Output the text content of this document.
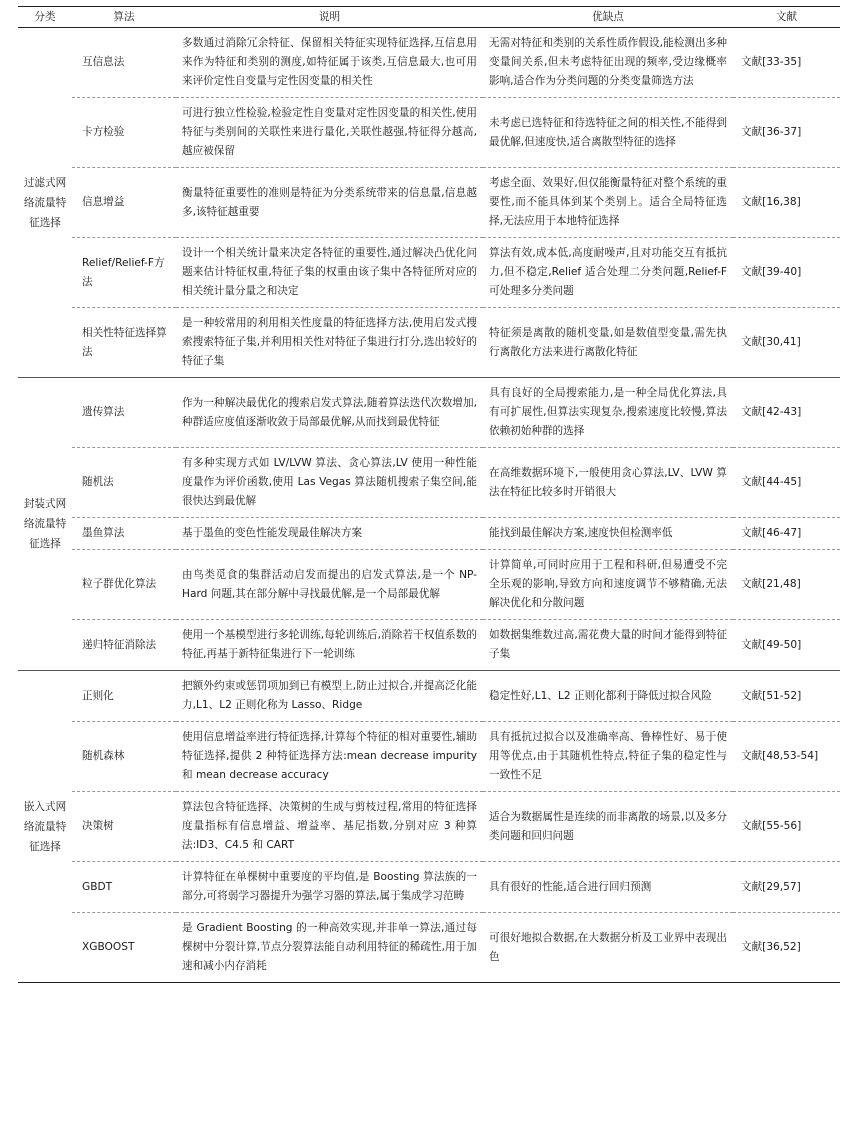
分类	算法	说明	优缺点	文献
过滤式网络流量特征选择	互信息法	多数通过消除冗余特征、保留相关特征实现特征选择,互信息用来作为特征和类别的测度,如特征属于该类,互信息最大,也可用来评价定性自变量与定性因变量的相关性	无需对特征和类别的关系性质作假设,能检测出多种变量间关系,但未考虑特征出现的频率,受边缘概率影响,适合作为分类问题的分类变量筛选方法	文献[33-35]
	卡方检验	可进行独立性检验,检验定性自变量对定性因变量的相关性,使用特征与类别间的关联性来进行量化,关联性越强,特征得分越高,越应被保留	未考虑已选特征和待选特征之间的相关性,不能得到最优解,但速度快,适合离散型特征的选择	文献[36-37]
	信息增益	衡量特征重要性的准则是特征为分类系统带来的信息量,信息越多,该特征越重要	考虑全面、效果好,但仅能衡量特征对整个系统的重要性,而不能具体到某个类别上。适合全局特征选择,无法应用于本地特征选择	文献[16,38]
	Relief/Relief-F方法	设计一个相关统计量来决定各特征的重要性,通过解决凸优化问题来估计特征权重,特征子集的权重由该子集中各特征所对应的相关统计量分量之和决定	算法有效,成本低,高度耐噪声,且对功能交互有抵抗力,但不稳定,Relief 适合处理二分类问题,Relief-F 可处理多分类问题	文献[39-40]
	相关性特征选择算法	是一种较常用的利用相关性度量的特征选择方法,使用启发式搜索搜索特征子集,并利用相关性对特征子集进行打分,选出较好的特征子集	特征须是离散的随机变量,如是数值型变量,需先执行离散化方法来进行离散化特征	文献[30,41]
封装式网络流量特征选择	遗传算法	作为一种解决最优化的搜索启发式算法,随着算法迭代次数增加,种群适应度值逐渐收敛于局部最优解,从而找到最优特征	具有良好的全局搜索能力,是一种全局优化算法,具有可扩展性,但算法实现复杂,搜索速度比较慢,算法依赖初始种群的选择	文献[42-43]
	随机法	有多种实现方式如 LV/LVW 算法、贪心算法,LV 使用一种性能度量作为评价函数,使用 Las Vegas 算法随机搜索子集空间,能很快达到最优解	在高维数据环境下,一般使用贪心算法,LV、LVW 算法在特征比较多时开销很大	文献[44-45]
	墨鱼算法	基于墨鱼的变色性能发现最佳解决方案	能找到最佳解决方案,速度快但检测率低	文献[46-47]
	粒子群优化算法	由鸟类觅食的集群活动启发而提出的启发式算法,是一个 NP-Hard 问题,其在部分解中寻找最优解,是一个局部最优解	计算简单,可同时应用于工程和科研,但易遭受不完全乐观的影响,导致方向和速度调节不够精确,无法解决优化和分散问题	文献[21,48]
	递归特征消除法	使用一个基模型进行多轮训练,每轮训练后,消除若干权值系数的特征,再基于新特征集进行下一轮训练	如数据集维数过高,需花费大量的时间才能得到特征子集	文献[49-50]
嵌入式网络流量特征选择	正则化	把额外约束或惩罚项加到已有模型上,防止过拟合,并提高泛化能力,L1、L2 正则化称为 Lasso、Ridge	稳定性好,L1、L2 正则化都利于降低过拟合风险	文献[51-52]
	随机森林	使用信息增益率进行特征选择,计算每个特征的相对重要性,辅助特征选择,提供 2 种特征选择方法:mean decrease impurity 和 mean decrease accuracy	具有抵抗过拟合以及准确率高、鲁棒性好、易于使用等优点,由于其随机性特点,特征子集的稳定性与一致性不足	文献[48,53-54]
	决策树	算法包含特征选择、决策树的生成与剪枝过程,常用的特征选择度量指标有信息增益、增益率、基尼指数,分别对应 3 种算法:ID3、C4.5 和 CART	适合为数据属性是连续的而非离散的场景,以及多分类问题和回归问题	文献[55-56]
	GBDT	计算特征在单棵树中重要度的平均值,是 Boosting 算法族的一部分,可将弱学习器提升为强学习器的算法,属于集成学习范畴	具有很好的性能,适合进行回归预测	文献[29,57]
	XGBOOST	是 Gradient Boosting 的一种高效实现,并非单一算法,通过每棵树中分裂计算,节点分裂算法能自动利用特征的稀疏性,用于加速和减小内存消耗	可很好地拟合数据,在大数据分析及工业界中表现出色	文献[36,52]
